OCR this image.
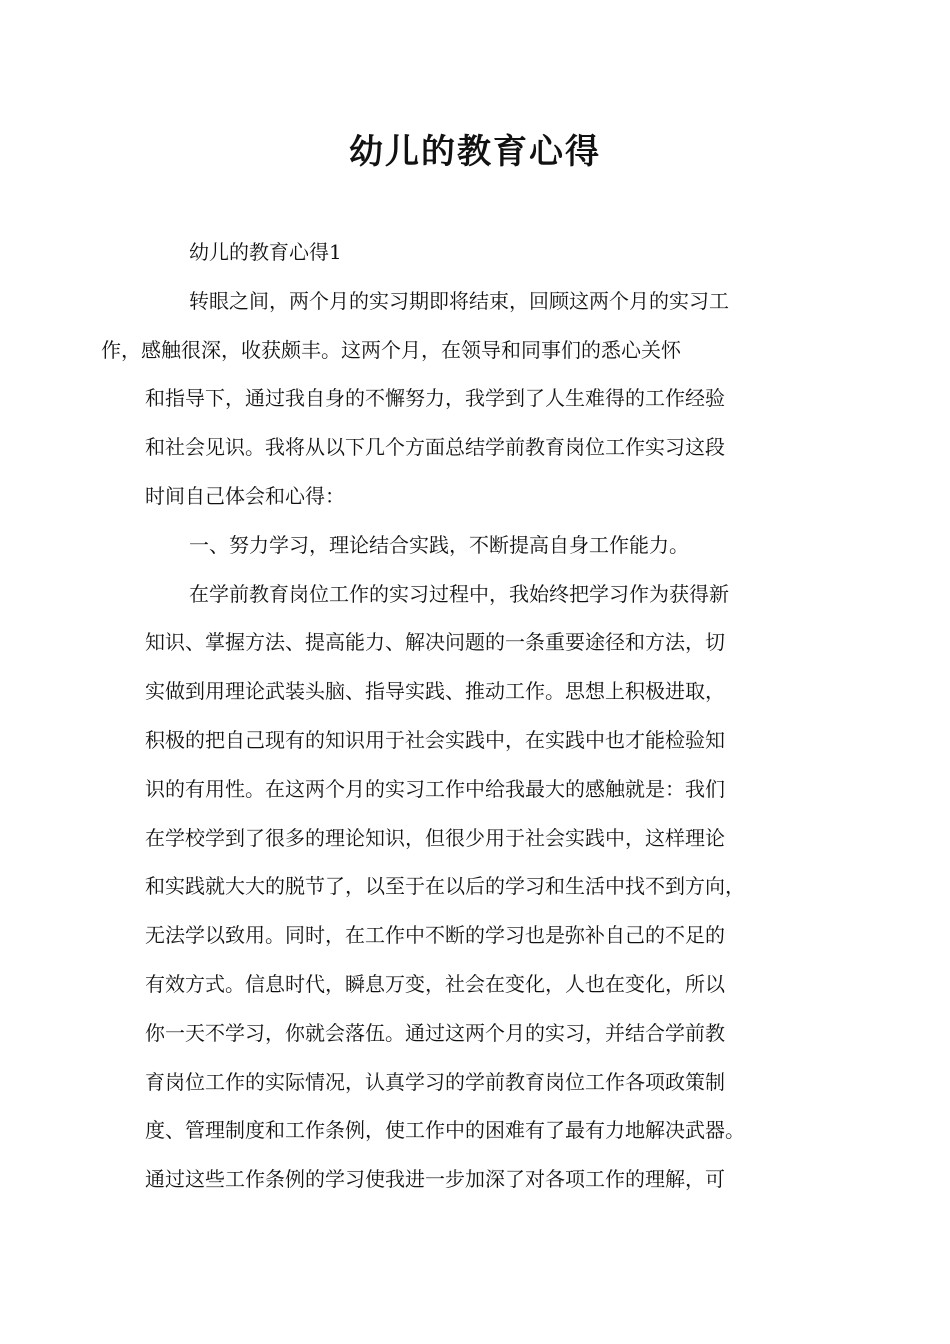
幼儿的教育心得

幼儿的教育心得1

转眼之间，两个月的实习期即将结束，回顾这两个月的实习工
作，感触很深，收获颇丰。这两个月，在领导和同事们的悉心关怀
和指导下，通过我自身的不懈努力，我学到了人生难得的工作经验
和社会见识。我将从以下几个方面总结学前教育岗位工作实习这段
时间自己体会和心得：

一、努力学习，理论结合实践，不断提高自身工作能力。

在学前教育岗位工作的实习过程中，我始终把学习作为获得新
知识、掌握方法、提高能力、解决问题的一条重要途径和方法，切
实做到用理论武装头脑、指导实践、推动工作。思想上积极进取，
积极的把自己现有的知识用于社会实践中，在实践中也才能检验知
识的有用性。在这两个月的实习工作中给我最大的感触就是：我们
在学校学到了很多的理论知识，但很少用于社会实践中，这样理论
和实践就大大的脱节了，以至于在以后的学习和生活中找不到方向，
无法学以致用。同时，在工作中不断的学习也是弥补自己的不足的
有效方式。信息时代，瞬息万变，社会在变化，人也在变化，所以
你一天不学习，你就会落伍。通过这两个月的实习，并结合学前教
育岗位工作的实际情况，认真学习的学前教育岗位工作各项政策制
度、管理制度和工作条例，使工作中的困难有了最有力地解决武器。
通过这些工作条例的学习使我进一步加深了对各项工作的理解，可
